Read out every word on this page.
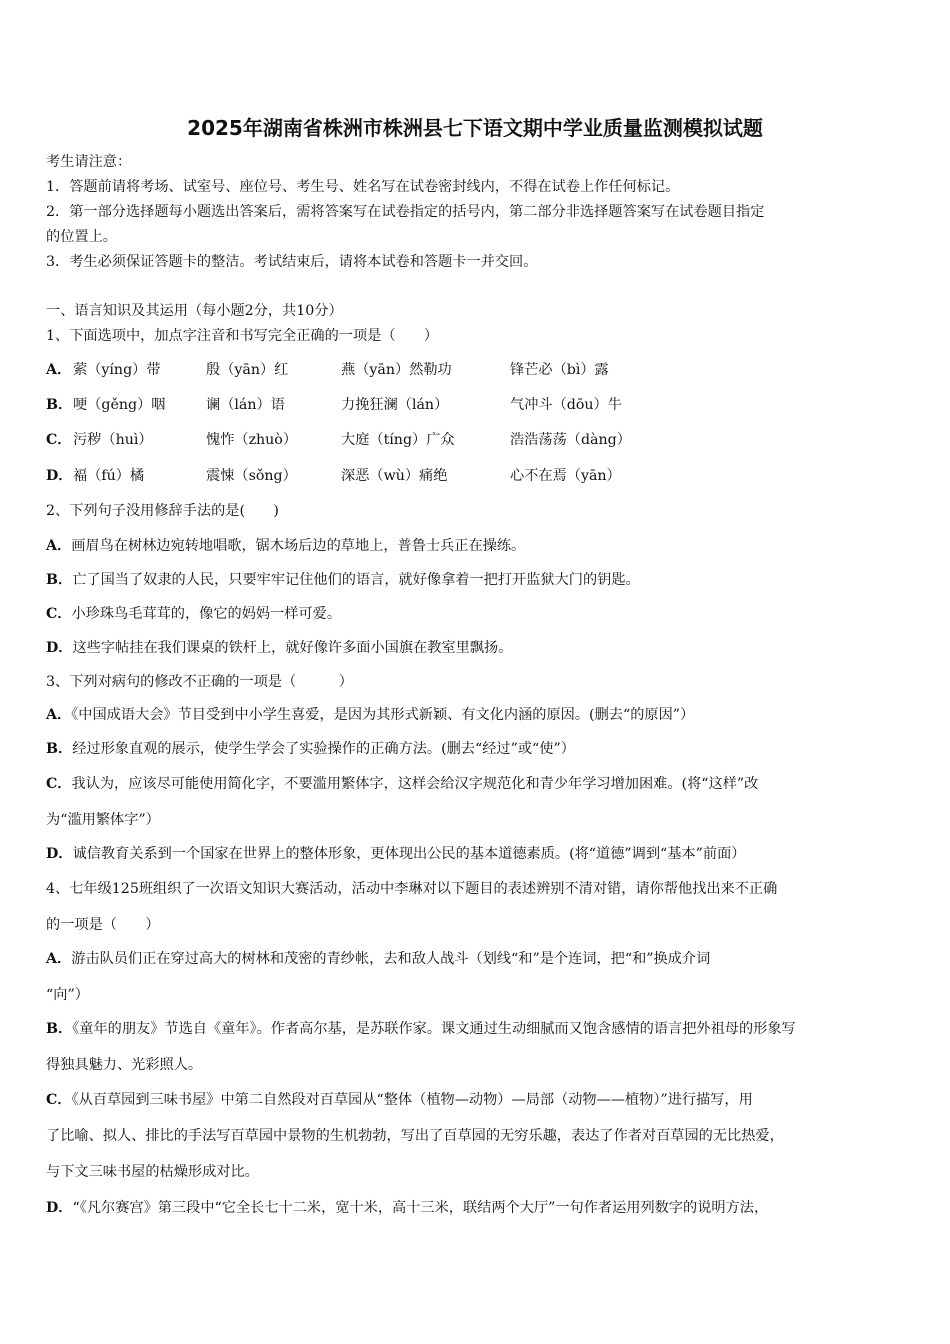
2025年湖南省株洲市株洲县七下语文期中学业质量监测模拟试题
考生请注意：
1．答题前请将考场、试室号、座位号、考生号、姓名写在试卷密封线内，不得在试卷上作任何标记。
2．第一部分选择题每小题选出答案后，需将答案写在试卷指定的括号内，第二部分非选择题答案写在试卷题目指定
的位置上。
3．考生必须保证答题卡的整洁。考试结束后，请将本试卷和答题卡一并交回。
一、语言知识及其运用（每小题2分，共10分）
1、下面选项中，加点字注音和书写完全正确的一项是（　　）
A． 萦（yíng）带	殷（yān）红	燕（yān）然勒功	锋芒必（bì）露
B． 哽（gěng）咽	谰（lán）语	力挽狂澜（lán）	气冲斗（dōu）牛
C． 污秽（huì）	愧怍（zhuò）	大庭（tíng）广众	浩浩荡荡（dàng）
D． 褔（fú）橘	震悚（sǒng）	深恶（wù）痛绝	心不在焉（yān）
2、下列句子没用修辞手法的是(　　)
A．画眉鸟在树林边宛转地唱歌，锯木场后边的草地上，普鲁士兵正在操练。
B．亡了国当了奴隶的人民，只要牢牢记住他们的语言，就好像拿着一把打开监狱大门的钥匙。
C．小珍珠鸟毛茸茸的，像它的妈妈一样可爱。
D．这些字帖挂在我们课桌的铁杆上，就好像许多面小国旗在教室里飘扬。
3、下列对病句的修改不正确的一项是（　　　）
A．《中国成语大会》节目受到中小学生喜爱，是因为其形式新颖、有文化内涵的原因。(删去“的原因”）
B．经过形象直观的展示，使学生学会了实验操作的正确方法。(删去“经过”或“使”）
C．我认为，应该尽可能使用简化字，不要滥用繁体字，这样会给汉字规范化和青少年学习增加困难。(将“这样”改
为“滥用繁体字”）
D．诚信教育关系到一个国家在世界上的整体形象，更体现出公民的基本道德素质。(将“道德”调到“基本”前面）
4、七年级125班组织了一次语文知识大赛活动，活动中李琳对以下题目的表述辨别不清对错，请你帮他找出来不正确
的一项是（　　）
A．游击队员们正在穿过高大的树林和茂密的青纱帐，去和敌人战斗（划线“和”是个连词，把“和”换成介词
“向”）
B．《童年的朋友》节选自《童年》。作者高尔基，是苏联作家。课文通过生动细腻而又饱含感情的语言把外祖母的形象写
得独具魅力、光彩照人。
C．《从百草园到三味书屋》中第二自然段对百草园从“整体（植物—动物）—局部（动物——植物）”进行描写，用
了比喻、拟人、排比的手法写百草园中景物的生机勃勃，写出了百草园的无穷乐趣，表达了作者对百草园的无比热爱，
与下文三味书屋的枯燥形成对比。
D．“《凡尔赛宫》第三段中“它全长七十二米，宽十米，高十三米，联结两个大厅”一句作者运用列数字的说明方法，
